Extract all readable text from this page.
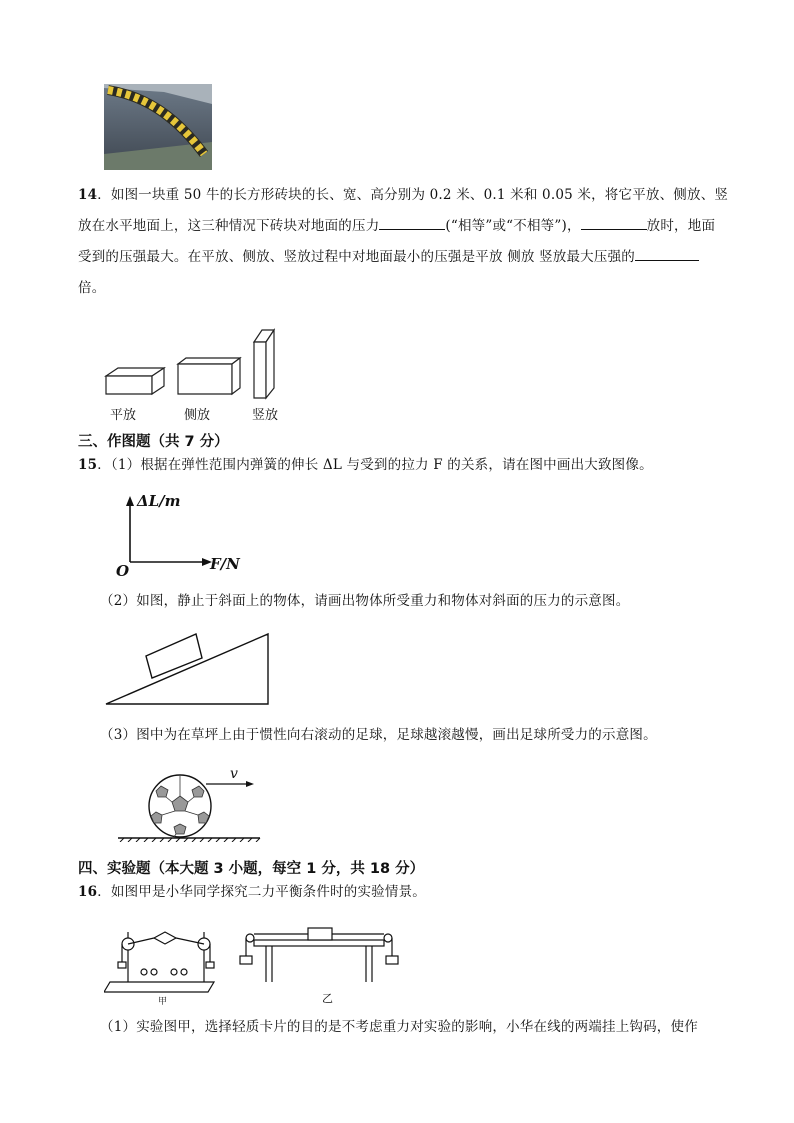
14．如图一块重 50 牛的长方形砖块的长、宽、高分别为 0.2 米、0.1 米和 0.05 米，将它平放、侧放、竖
放在水平地面上，这三种情况下砖块对地面的压力	(“相等”或“不相等”)，	放时，地面
受到的压强最大。在平放、侧放、竖放过程中对地面最小的压强是平放 侧放 竖放最大压强的
倍。
平放	侧放	竖放
三、作图题（共 7 分）
15．（1）根据在弹性范围内弹簧的伸长 ΔL 与受到的拉力 F 的关系，请在图中画出大致图像。
ΔL/m
F/N
O
（2）如图，静止于斜面上的物体，请画出物体所受重力和物体对斜面的压力的示意图。
（3）图中为在草坪上由于惯性向右滚动的足球，足球越滚越慢，画出足球所受力的示意图。
v
四、实验题（本大题 3 小题，每空 1 分，共 18 分）
16．如图甲是小华同学探究二力平衡条件时的实验情景。
甲	乙
（1）实验图甲，选择轻质卡片的目的是不考虑重力对实验的影响，小华在线的两端挂上钩码，使作
